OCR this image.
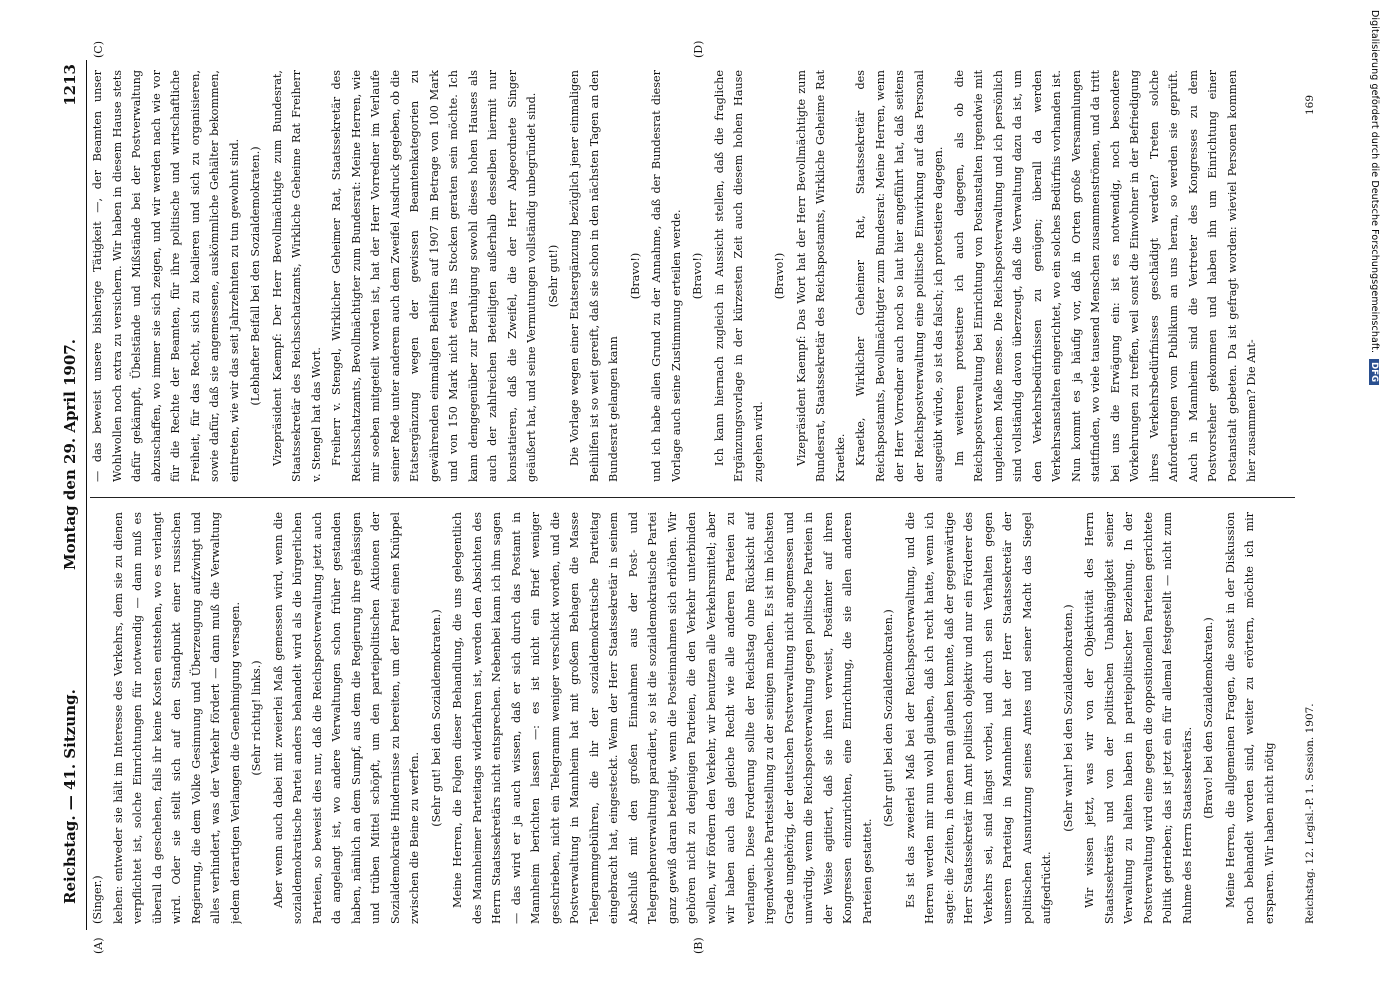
Reichstag. — 41. Sitzung.
Montag den 29. April 1907.
1213
(A)	(B)
(C)	(D)

(Singer.) kehen: entweder sie hält im Interesse des Verkehrs, dem sie zu dienen verpflichtet ist, solche Einrichtungen für notwendig — dann muß es überall da geschehen, falls ihr keine Kosten entstehen, wo es verlangt wird. Oder sie stellt sich auf den Standpunkt einer russischen Regierung, die dem Volke Gesinnung und Überzeugung aufzwingt und alles verhindert, was der Verkehr fördert — dann muß die Verwaltung jedem derartigen Verlangen die Genehmigung versagen. (Sehr richtig! links.) Aber wenn auch dabei mit zweierlei Maß gemessen wird, wenn die sozialdemokratische Partei anders behandelt wird als die bürgerlichen Parteien, so beweist dies nur, daß die Reichspostverwaltung jetzt auch da angelangt ist, wo andere Verwaltungen schon früher gestanden haben, nämlich an dem Sumpf, aus dem die Regierung ihre gehässigen und trüben Mittel schöpft, um den parteipolitischen Aktionen der Sozialdemokratie Hindernisse zu bereiten, um der Partei einen Knüppel zwischen die Beine zu werfen.

(Sehr gut! bei den Sozialdemokraten.) Meine Herren, die Folgen dieser Behandlung, die uns gelegentlich des Mannheimer Parteitags widerfahren ist, werden den Absichten des Herrn Staatssekretärs nicht entsprechen. Nebenbei kann ich ihm sagen — das wird er ja auch wissen, daß er sich durch das Postamt in Mannheim berichten lassen —: es ist nicht ein Brief weniger geschrieben, nicht ein Telegramm weniger verschickt worden, und die Postverwaltung in Mannheim hat mit großem Behagen die Masse Telegrammgebühren, die ihr der sozialdemokratische Parteitag eingebracht hat, eingesteckt. Wenn der Herr Staatssekretär in seinem Abschluß mit den großen Einnahmen aus der Post- und Telegraphenverwaltung paradiert, so ist die sozialdemokratische Partei ganz gewiß daran beteiligt, wenn die Posteinnahmen sich erhöhen. Wir gehören nicht zu denjenigen Parteien, die den Verkehr unterbinden wollen, wir fördern den Verkehr, wir benutzen alle Verkehrsmittel; aber wir haben auch das gleiche Recht wie alle anderen Parteien zu verlangen. Diese Forderung sollte der Reichstag ohne Rücksicht auf irgendwelche Parteistellung zu der seinigen machen. Es ist im höchsten Grade ungehörig, der deutschen Postverwaltung nicht angemessen und unwürdig, wenn die Reichspostverwaltung gegen politische Parteien in der Weise agitiert, daß sie ihren verweist, Postämter auf ihren Kongressen einzurichten, eine Einrichtung, die sie allen anderen Parteien gestattet.

(Sehr gut! bei den Sozialdemokraten.) Es ist das zweierlei Maß bei der Reichspostverwaltung, und die Herren werden mir nun wohl glauben, daß ich recht hatte, wenn ich sagte: die Zeiten, in denen man glauben konnte, daß der gegenwärtige Herr Staatssekretär im Amt politisch objektiv und nur ein Förderer des Verkehrs sei, sind längst vorbei, und durch sein Verhalten gegen unseren Parteitag in Mannheim hat der Herr Staatssekretär der politischen Ausnutzung seines Amtes und seiner Macht das Siegel aufgedrückt.

(Sehr wahr! bei den Sozialdemokraten.) Wir wissen jetzt, was wir von der Objektivität des Herrn Staatssekretärs und von der politischen Unabhängigkeit seiner Verwaltung zu halten haben in parteipolitischer Beziehung. In der Postverwaltung wird eine gegen die oppositionellen Parteien gerichtete Politik getrieben; das ist jetzt ein für allemal festgestellt — nicht zum Ruhme des Herrn Staatssekretärs.

(Bravo! bei den Sozialdemokraten.) Meine Herren, die allgemeinen Fragen, die sonst in der Diskussion noch behandelt worden sind, weiter zu erörtern, möchte ich mir ersparen. Wir haben nicht nötig

— das beweist unsere bisherige Tätigkeit —, der Beamten unser Wohlwollen noch extra zu versichern. Wir haben in diesem Hause stets dafür gekämpft, Übelstände und Mißstände bei der Postverwaltung abzuschaffen, wo immer sie sich zeigen, und wir werden nach wie vor für die Rechte der Beamten, für ihre politische und wirtschaftliche Freiheit, für das Recht, sich zu koalieren und sich zu organisieren, sowie dafür, daß sie angemessene, auskömmliche Gehälter bekommen, eintreten, wie wir das seit Jahrzehnten zu tun gewohnt sind. (Lebhafter Beifall bei den Sozialdemokraten.) Vizepräsident Kaempf: Der Herr Bevollmächtigte zum Bundesrat, Staatssekretär des Reichsschatzamts, Wirkliche Geheime Rat Freiherr v. Stengel hat das Wort. Freiherr v. Stengel, Wirklicher Geheimer Rat, Staatssekretär des Reichsschatzamts, Bevollmächtigter zum Bundesrat: Meine Herren, wie mir soeben mitgeteilt worden ist, hat der Herr Vorredner im Verlaufe seiner Rede unter anderem auch dem Zweifel Ausdruck gegeben, ob die Etatsergänzung wegen der gewissen Beamtenkategorien zu gewährenden einmaligen Beihilfen auf 1907 im Betrage von 100 Mark und von 150 Mark nicht etwa ins Stocken geraten sein möchte. Ich kann demgegenüber zur Beruhigung sowohl dieses hohen Hauses als auch der zahlreichen Beteiligten außerhalb desselben hiermit nur konstatieren, daß die Zweifel, die der Herr Abgeordnete Singer geäußert hat, und seine Vermutungen vollständig unbegründet sind. (Sehr gut!) Die Vorlage wegen einer Etatsergänzung bezüglich jener einmaligen Beihilfen ist so weit gereift, daß sie schon in den nächsten Tagen an den Bundesrat gelangen kann

(Bravo!) und ich habe allen Grund zu der Annahme, daß der Bundesrat dieser Vorlage auch seine Zustimmung erteilen werde. (Bravo!) Ich kann hiernach zugleich in Aussicht stellen, daß die fragliche Ergänzungsvorlage in der kürzesten Zeit auch diesem hohen Hause zugehen wird.

(Bravo!) Vizepräsident Kaempf: Das Wort hat der Herr Bevollmächtigte zum Bundesrat, Staatssekretär des Reichspostamts, Wirkliche Geheime Rat Kraetke. Kraetke, Wirklicher Geheimer Rat, Staatssekretär des Reichspostamts, Bevollmächtigter zum Bundesrat: Meine Herren, wenn der Herr Vorredner auch noch so laut hier angeführt hat, daß seitens der Reichspostverwaltung eine politische Einwirkung auf das Personal ausgeübt würde, so ist das falsch; ich protestiere dagegen. Im weiteren protestiere ich auch dagegen, als ob die Reichspostverwaltung bei Einrichtung von Postanstalten irgendwie mit ungleichem Maße messe. Die Reichspostverwaltung und ich persönlich sind vollständig davon überzeugt, daß die Verwaltung dazu da ist, um den Verkehrsbedürfnissen zu genügen; überall da werden Verkehrsanstalten eingerichtet, wo ein solches Bedürfnis vorhanden ist. Nun kommt es ja häufig vor, daß in Orten große Versammlungen stattfinden, wo viele tausend Menschen zusammenströmen, und da tritt bei uns die Erwägung ein: ist es notwendig, noch besondere Vorkehrungen zu treffen, weil sonst die Einwohner in der Befriedigung ihres Verkehrsbedürfnisses geschädigt werden? Treten solche Anforderungen vom Publikum an uns heran, so werden sie geprüft. Auch in Mannheim sind die Vertreter des Kongresses zu dem Postvorsteher gekommen und haben ihn um Einrichtung einer Postanstalt gebeten. Da ist gefragt worden: wieviel Personen kommen hier zusammen? Die Ant-

Reichstag. 12. Legisl.-P. 1. Session. 1907.
169	Digitalisierung gefördert durch die Deutsche Forschungsgemeinschaft.DFG
